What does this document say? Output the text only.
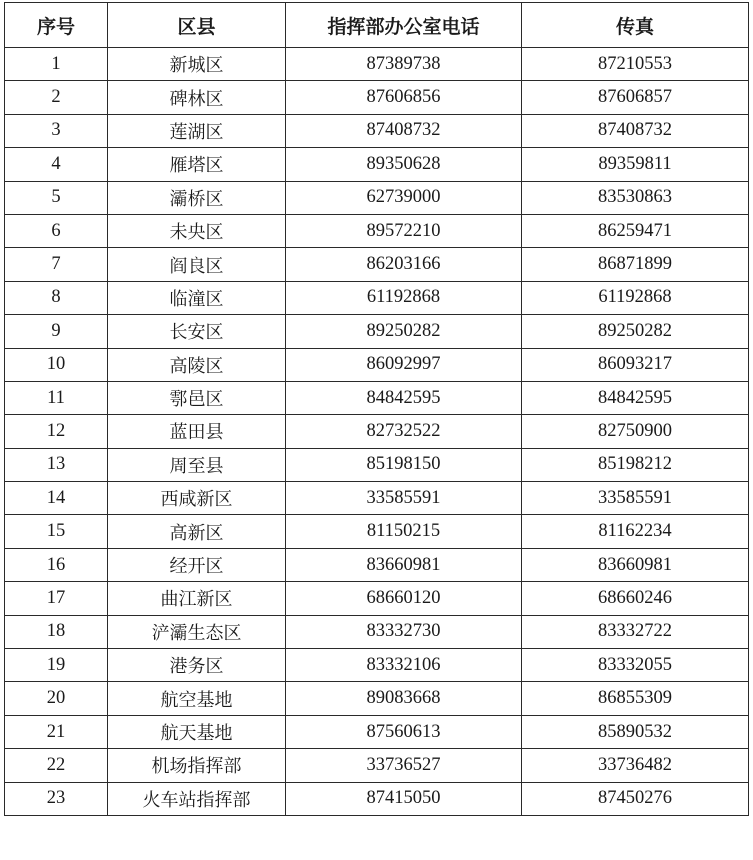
序号	区县	指挥部办公室电话	传真
1	新城区	87389738	87210553
2	碑林区	87606856	87606857
3	莲湖区	87408732	87408732
4	雁塔区	89350628	89359811
5	灞桥区	62739000	83530863
6	未央区	89572210	86259471
7	阎良区	86203166	86871899
8	临潼区	61192868	61192868
9	长安区	89250282	89250282
10	高陵区	86092997	86093217
11	鄠邑区	84842595	84842595
12	蓝田县	82732522	82750900
13	周至县	85198150	85198212
14	西咸新区	33585591	33585591
15	高新区	81150215	81162234
16	经开区	83660981	83660981
17	曲江新区	68660120	68660246
18	浐灞生态区	83332730	83332722
19	港务区	83332106	83332055
20	航空基地	89083668	86855309
21	航天基地	87560613	85890532
22	机场指挥部	33736527	33736482
23	火车站指挥部	87415050	87450276
